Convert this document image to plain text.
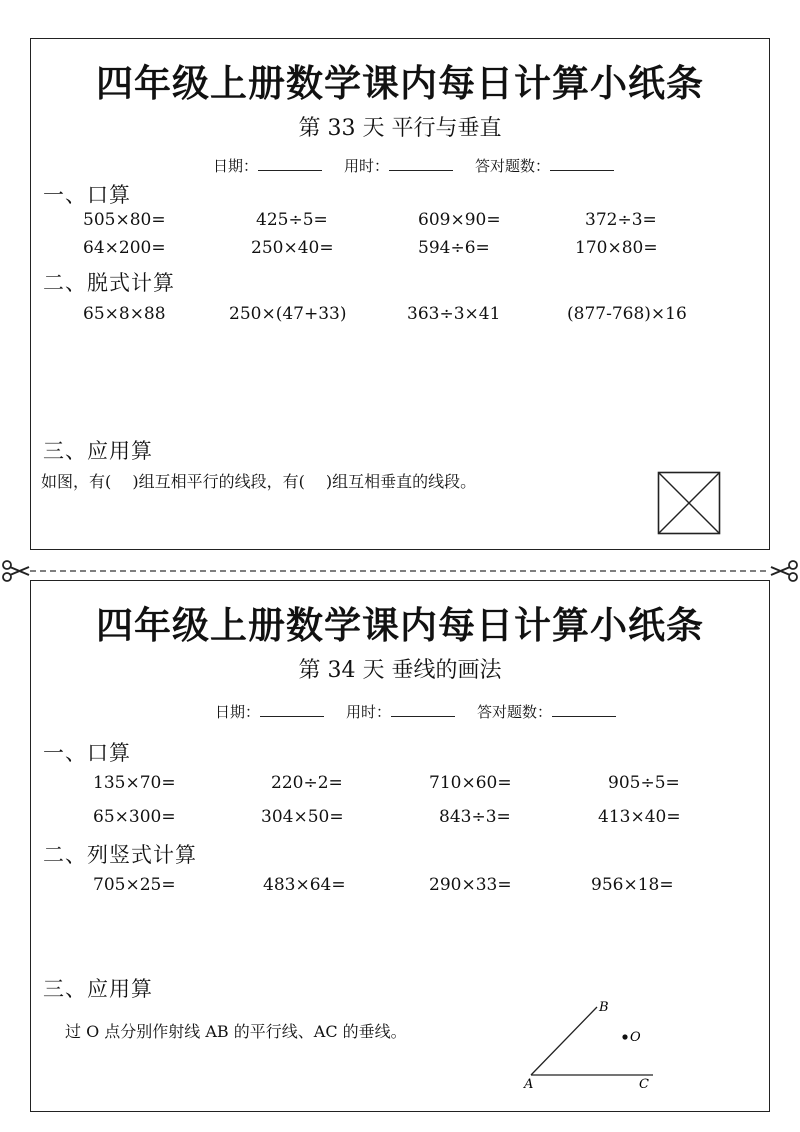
四年级上册数学课内每日计算小纸条
第 33 天 平行与垂直
日期：	用时：	答对题数：
一、口算
505×80=	425÷5=	609×90=	372÷3=
64×200=	250×40=	594÷6=	170×80=
二、脱式计算
65×8×88	250×(47+33)	363÷3×41	(877-768)×16
三、应用算
如图，有(　 )组互相平行的线段，有(　 )组互相垂直的线段。
四年级上册数学课内每日计算小纸条
第 34 天 垂线的画法
日期：	用时：	答对题数：
一、口算
135×70=	220÷2=	710×60=	905÷5=
65×300=	304×50=	843÷3=	413×40=
二、列竖式计算
705×25=	483×64=	290×33=	956×18=
三、应用算
过 O 点分别作射线 AB 的平行线、AC 的垂线。
A
B
C
O
